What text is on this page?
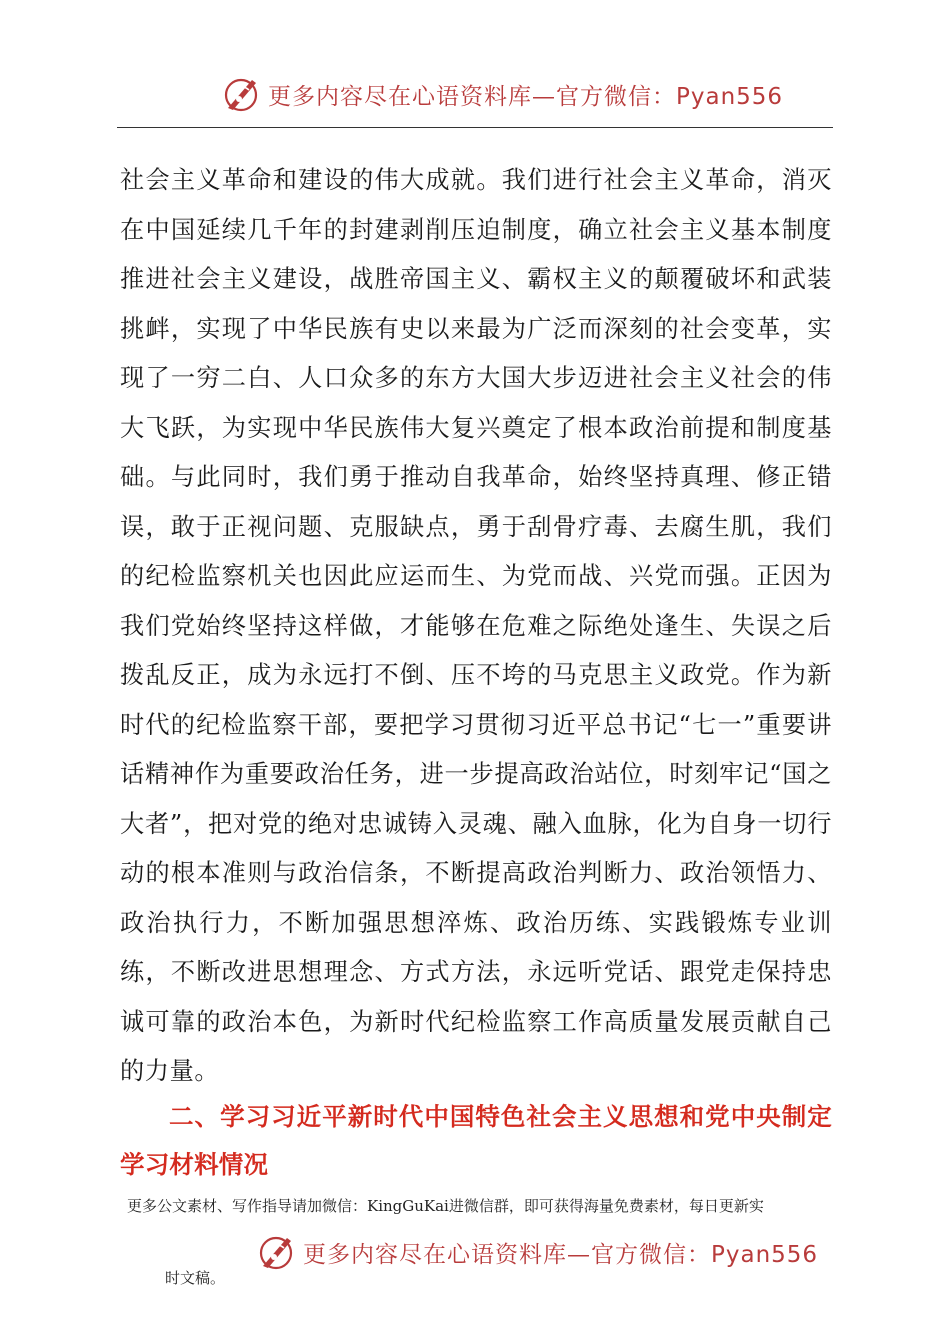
更多内容尽在心语资料库—官方微信：Pyan556

社会主义革命和建设的伟大成就。我们进行社会主义革命，消灭在中国延续几千年的封建剥削压迫制度，确立社会主义基本制度推进社会主义建设，战胜帝国主义、霸权主义的颠覆破坏和武装挑衅，实现了中华民族有史以来最为广泛而深刻的社会变革，实现了一穷二白、人口众多的东方大国大步迈进社会主义社会的伟大飞跃，为实现中华民族伟大复兴奠定了根本政治前提和制度基础。与此同时，我们勇于推动自我革命，始终坚持真理、修正错误，敢于正视问题、克服缺点，勇于刮骨疗毒、去腐生肌，我们的纪检监察机关也因此应运而生、为党而战、兴党而强。正因为我们党始终坚持这样做，才能够在危难之际绝处逢生、失误之后拨乱反正，成为永远打不倒、压不垮的马克思主义政党。作为新时代的纪检监察干部，要把学习贯彻习近平总书记“七一”重要讲话精神作为重要政治任务，进一步提高政治站位，时刻牢记“国之大者”，把对党的绝对忠诚铸入灵魂、融入血脉，化为自身一切行动的根本准则与政治信条，不断提高政治判断力、政治领悟力、政治执行力，不断加强思想淬炼、政治历练、实践锻炼专业训练，不断改进思想理念、方式方法，永远听党话、跟党走保持忠诚可靠的政治本色，为新时代纪检监察工作高质量发展贡献自己的力量。

二、学习习近平新时代中国特色社会主义思想和党中央制定学习材料情况

更多公文素材、写作指导请加微信：KingGuKai进微信群，即可获得海量免费素材，每日更新实

更多内容尽在心语资料库—官方微信：Pyan556

时文稿。
